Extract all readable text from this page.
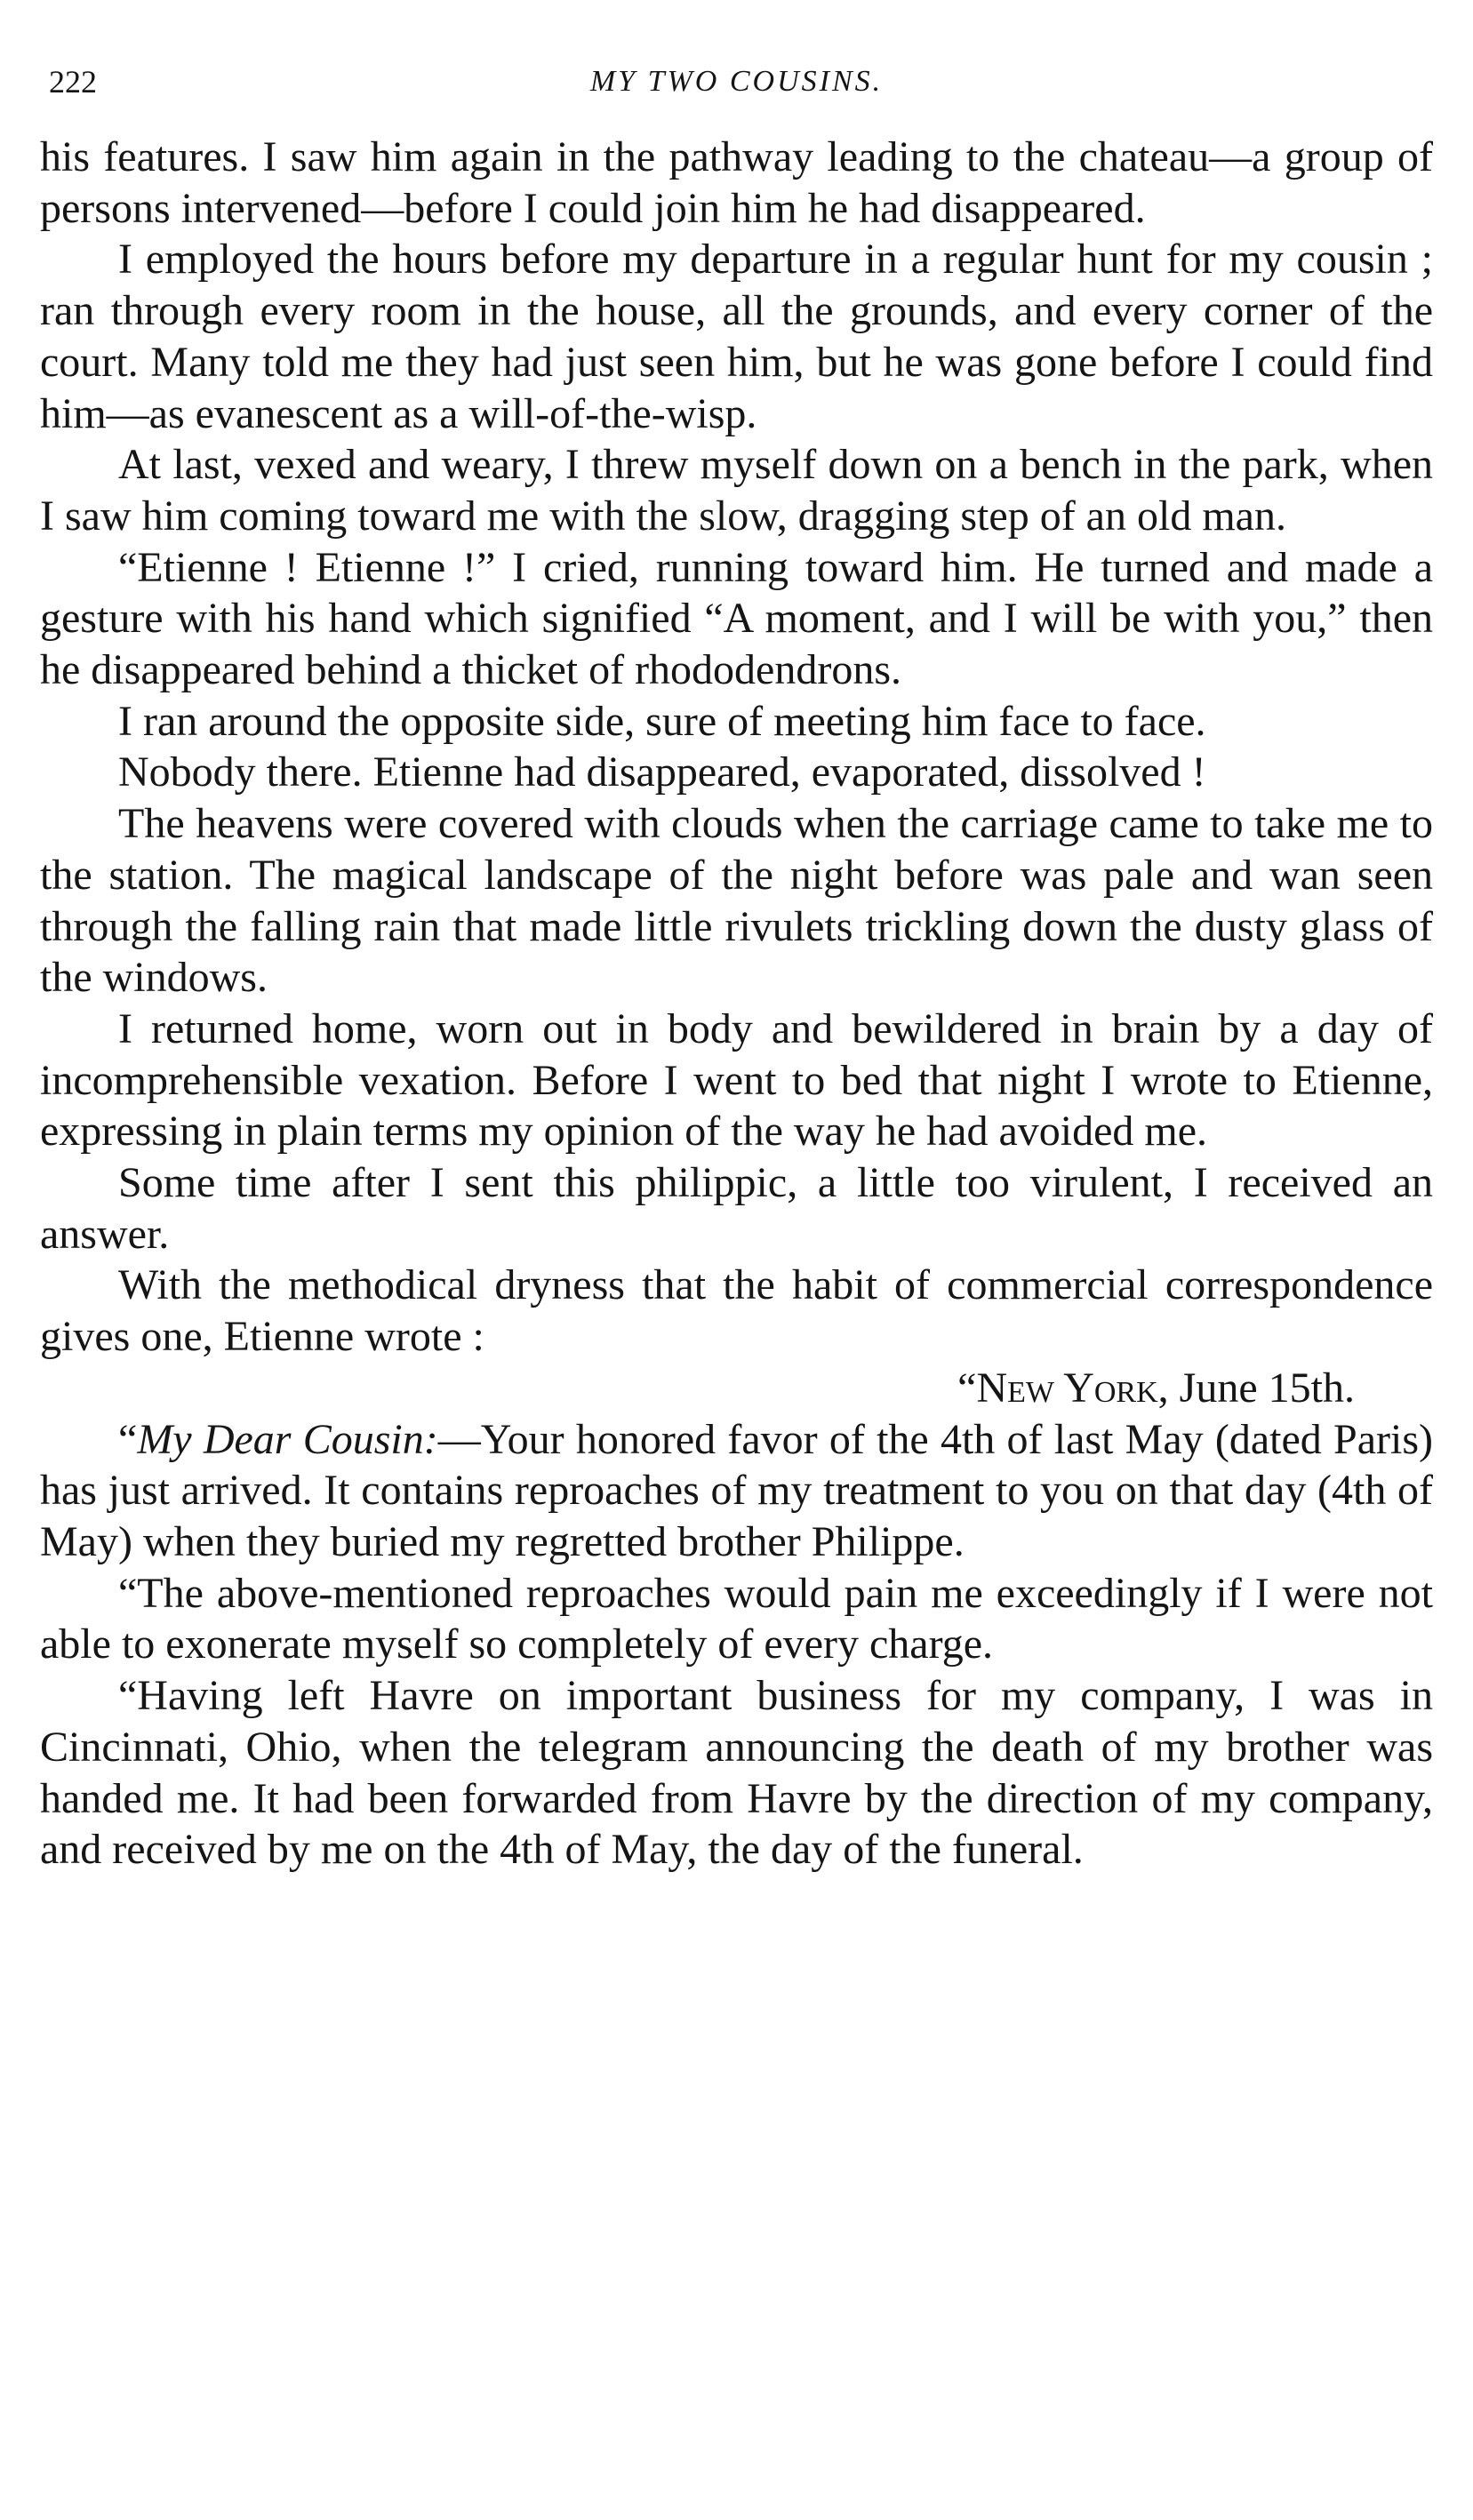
222	MY TWO COUSINS.

his features. I saw him again in the pathway leading to the chateau—a group of persons intervened—before I could join him he had disappeared.

I employed the hours before my departure in a regular hunt for my cousin ; ran through every room in the house, all the grounds, and every corner of the court. Many told me they had just seen him, but he was gone before I could find him—as evanescent as a will-of-the-wisp.

At last, vexed and weary, I threw myself down on a bench in the park, when I saw him coming toward me with the slow, dragging step of an old man.

“Etienne ! Etienne !” I cried, running toward him. He turned and made a gesture with his hand which signified “A moment, and I will be with you,” then he disappeared behind a thicket of rhododendrons.

I ran around the opposite side, sure of meeting him face to face.

Nobody there. Etienne had disappeared, evaporated, dissolved !

The heavens were covered with clouds when the carriage came to take me to the station. The magical landscape of the night before was pale and wan seen through the falling rain that made little rivulets trickling down the dusty glass of the windows.

I returned home, worn out in body and bewildered in brain by a day of incomprehensible vexation. Before I went to bed that night I wrote to Etienne, expressing in plain terms my opinion of the way he had avoided me.

Some time after I sent this philippic, a little too virulent, I received an answer.

With the methodical dryness that the habit of commercial correspondence gives one, Etienne wrote :

“New York, June 15th.

“My Dear Cousin:—Your honored favor of the 4th of last May (dated Paris) has just arrived. It contains reproaches of my treatment to you on that day (4th of May) when they buried my regretted brother Philippe.

“The above-mentioned reproaches would pain me exceedingly if I were not able to exonerate myself so completely of every charge.

“Having left Havre on important business for my company, I was in Cincinnati, Ohio, when the telegram announcing the death of my brother was handed me. It had been forwarded from Havre by the direction of my company, and received by me on the 4th of May, the day of the funeral.
